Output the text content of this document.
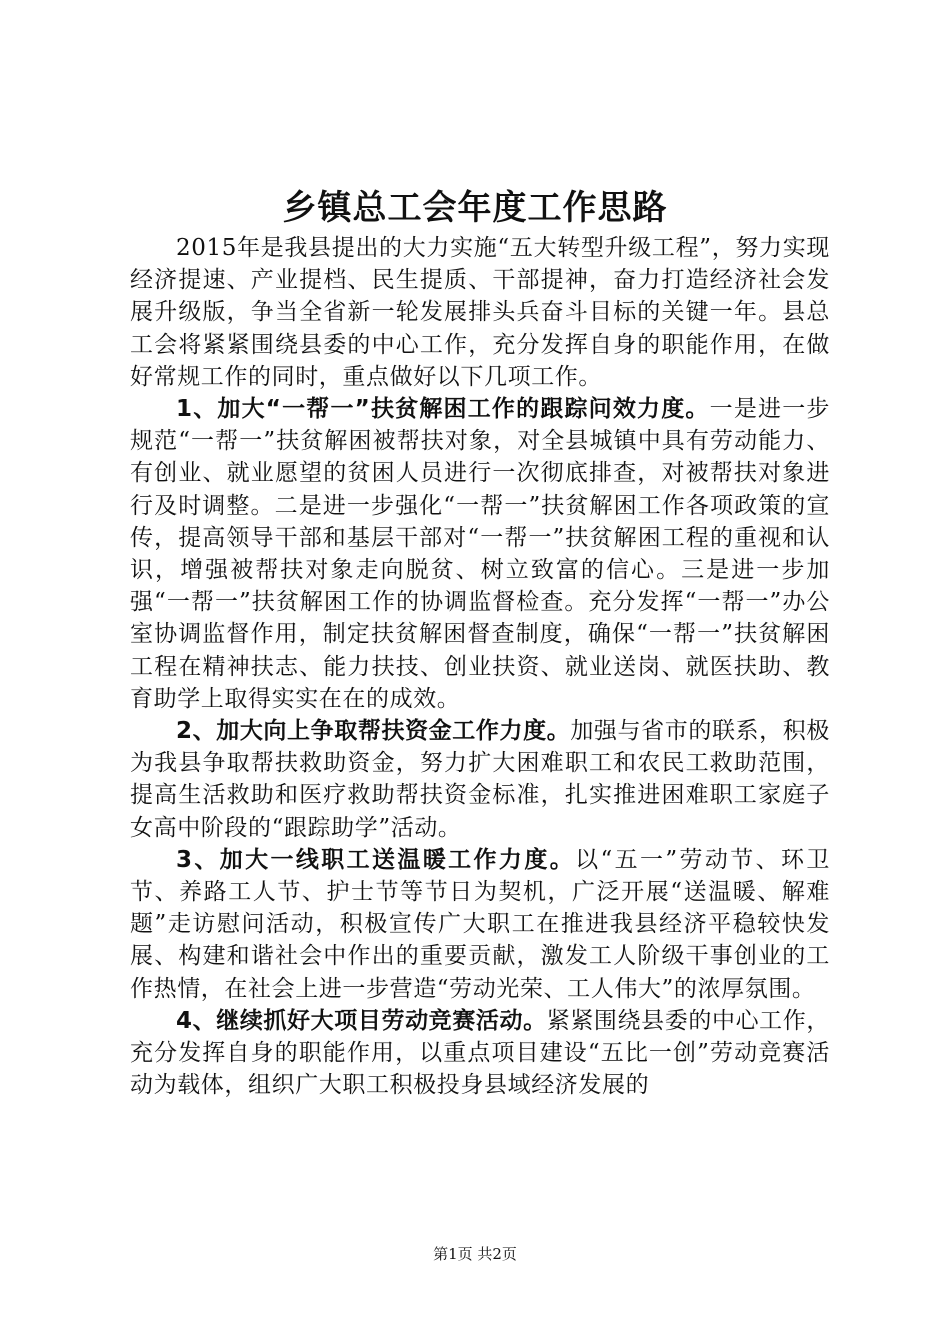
乡镇总工会年度工作思路

2015年是我县提出的大力实施“五大转型升级工程”，努力实现经济提速、产业提档、民生提质、干部提神，奋力打造经济社会发展升级版，争当全省新一轮发展排头兵奋斗目标的关键一年。县总工会将紧紧围绕县委的中心工作，充分发挥自身的职能作用，在做好常规工作的同时，重点做好以下几项工作。

1、加大“一帮一”扶贫解困工作的跟踪问效力度。一是进一步规范“一帮一”扶贫解困被帮扶对象，对全县城镇中具有劳动能力、有创业、就业愿望的贫困人员进行一次彻底排查，对被帮扶对象进行及时调整。二是进一步强化“一帮一”扶贫解困工作各项政策的宣传，提高领导干部和基层干部对“一帮一”扶贫解困工程的重视和认识，增强被帮扶对象走向脱贫、树立致富的信心。三是进一步加强“一帮一”扶贫解困工作的协调监督检查。充分发挥“一帮一”办公室协调监督作用，制定扶贫解困督查制度，确保“一帮一”扶贫解困工程在精神扶志、能力扶技、创业扶资、就业送岗、就医扶助、教育助学上取得实实在在的成效。

2、加大向上争取帮扶资金工作力度。加强与省市的联系，积极为我县争取帮扶救助资金，努力扩大困难职工和农民工救助范围，提高生活救助和医疗救助帮扶资金标准，扎实推进困难职工家庭子女高中阶段的“跟踪助学”活动。

3、加大一线职工送温暖工作力度。以“五一”劳动节、环卫节、养路工人节、护士节等节日为契机，广泛开展“送温暖、解难题”走访慰问活动，积极宣传广大职工在推进我县经济平稳较快发展、构建和谐社会中作出的重要贡献，激发工人阶级干事创业的工作热情，在社会上进一步营造“劳动光荣、工人伟大”的浓厚氛围。

4、继续抓好大项目劳动竞赛活动。紧紧围绕县委的中心工作，充分发挥自身的职能作用，以重点项目建设“五比一创”劳动竞赛活动为载体，组织广大职工积极投身县域经济发展的

第1页 共2页
